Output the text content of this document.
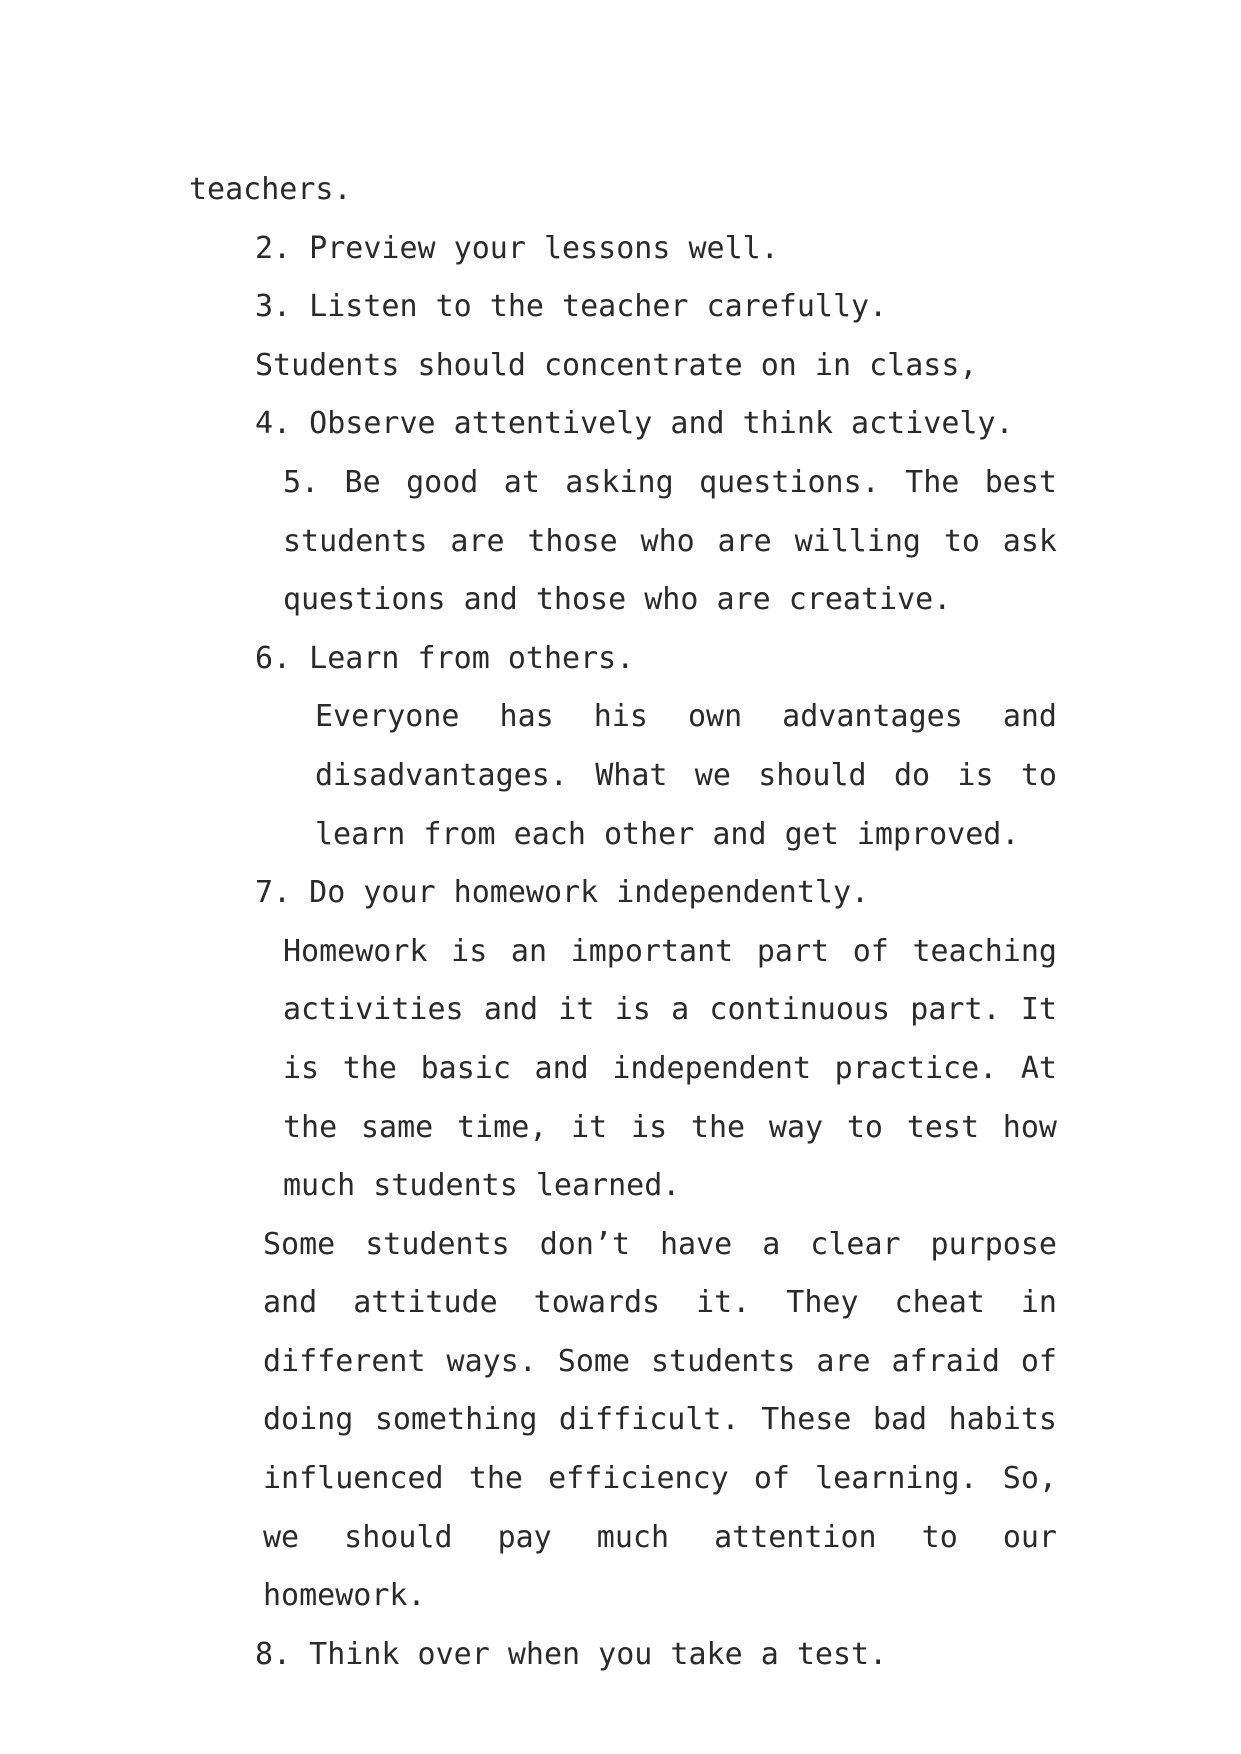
teachers.

2. Preview your lessons well.

3. Listen to the teacher carefully.

Students should concentrate on in class,

4. Observe attentively and think actively.

5. Be good at asking questions. The best students are those who are willing to ask questions and those who are creative.

6. Learn from others.

Everyone has his own advantages and disadvantages. What we should do is to learn from each other and get improved.

7. Do your homework independently.

Homework is an important part of teaching activities and it is a continuous part. It is the basic and independent practice. At the same time, it is the way to test how much students learned.

Some students don’t have a clear purpose and attitude towards it. They cheat in different ways. Some students are afraid of doing something difficult. These bad habits influenced the efficiency of learning. So, we should pay much attention to our homework.

8. Think over when you take a test.
